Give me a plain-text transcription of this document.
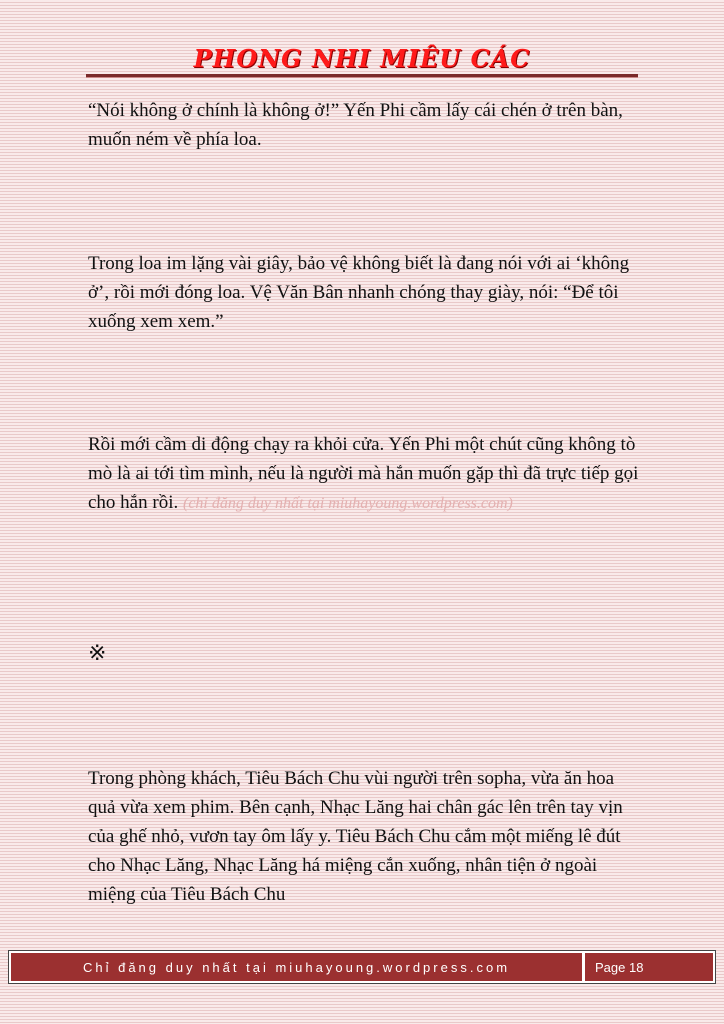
PHONG NHI MIÊU CÁC

“Nói không ở chính là không ở!” Yến Phi cầm lấy cái chén ở trên bàn, muốn ném về phía loa.

Trong loa im lặng vài giây, bảo vệ không biết là đang nói với ai ‘không ở’, rồi mới đóng loa. Vệ Văn Bân nhanh chóng thay giày, nói: “Để tôi xuống xem xem.”

Rồi mới cầm di động chạy ra khỏi cửa. Yến Phi một chút cũng không tò mò là ai tới tìm mình, nếu là người mà hắn muốn gặp thì đã trực tiếp gọi cho hắn rồi. (chỉ đăng duy nhất tại miuhayoung.wordpress.com)

※

Trong phòng khách, Tiêu Bách Chu vùi người trên sopha, vừa ăn hoa quả vừa xem phim. Bên cạnh, Nhạc Lăng hai chân gác lên trên tay vịn của ghế nhỏ, vươn tay ôm lấy y. Tiêu Bách Chu cắm một miếng lê đút cho Nhạc Lăng, Nhạc Lăng há miệng cắn xuống, nhân tiện ở ngoài miệng của Tiêu Bách Chu

Chỉ đăng duy nhất tại miuhayoung.wordpress.com	Page 18
